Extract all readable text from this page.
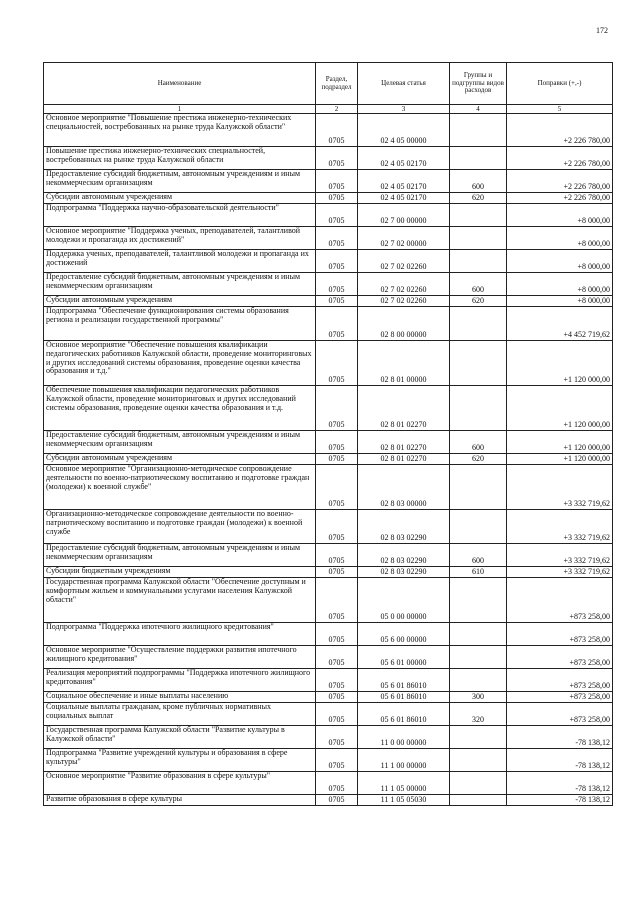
172
Наименование	Раздел, подраздел	Целевая статья	Группы и подгруппы видов расходов	Поправки (+,-)
1	2	3	4	5
Основное мероприятие "Повышение престижа инженерно-технических специальностей, востребованных на рынке труда Калужской области"	0705	02 4 05 00000		+2 226 780,00
Повышение престижа инженерно-технических специальностей, востребованных на рынке труда Калужской области	0705	02 4 05 02170		+2 226 780,00
Предоставление субсидий бюджетным, автономным учреждениям и иным некоммерческим организациям	0705	02 4 05 02170	600	+2 226 780,00
Субсидии автономным учреждениям	0705	02 4 05 02170	620	+2 226 780,00
Подпрограмма "Поддержка научно-образовательской деятельности"	0705	02 7 00 00000		+8 000,00
Основное мероприятие "Поддержка ученых, преподавателей, талантливой молодежи и пропаганда их достижений"	0705	02 7 02 00000		+8 000,00
Поддержка ученых, преподавателей, талантливой молодежи и пропаганда их достижений	0705	02 7 02 02260		+8 000,00
Предоставление субсидий бюджетным, автономным учреждениям и иным некоммерческим организациям	0705	02 7 02 02260	600	+8 000,00
Субсидии автономным учреждениям	0705	02 7 02 02260	620	+8 000,00
Подпрограмма "Обеспечение функционирования системы образования региона и реализации государственной программы"	0705	02 8 00 00000		+4 452 719,62
Основное мероприятие "Обеспечение повышения квалификации педагогических работников Калужской области, проведение мониторинговых и других исследований системы образования, проведение оценки качества образования и т.д."	0705	02 8 01 00000		+1 120 000,00
Обеспечение повышения квалификации педагогических работников Калужской области, проведение мониторинговых и других исследований системы образования, проведение оценки качества образования и т.д.	0705	02 8 01 02270		+1 120 000,00
Предоставление субсидий бюджетным, автономным учреждениям и иным некоммерческим организациям	0705	02 8 01 02270	600	+1 120 000,00
Субсидии автономным учреждениям	0705	02 8 01 02270	620	+1 120 000,00
Основное мероприятие "Организационно-методическое сопровождение деятельности по военно-патриотическому воспитанию и подготовке граждан (молодежи) к военной службе"	0705	02 8 03 00000		+3 332 719,62
Организационно-методическое сопровождение деятельности по военно-патриотическому воспитанию и подготовке граждан (молодежи) к военной службе	0705	02 8 03 02290		+3 332 719,62
Предоставление субсидий бюджетным, автономным учреждениям и иным некоммерческим организациям	0705	02 8 03 02290	600	+3 332 719,62
Субсидии бюджетным учреждениям	0705	02 8 03 02290	610	+3 332 719,62
Государственная программа Калужской области "Обеспечение доступным и комфортным жильем и коммунальными услугами населения Калужской области"	0705	05 0 00 00000		+873 258,00
Подпрограмма "Поддержка ипотечного жилищного кредитования"	0705	05 6 00 00000		+873 258,00
Основное мероприятие "Осуществление поддержки развития ипотечного жилищного кредитования"	0705	05 6 01 00000		+873 258,00
Реализация мероприятий подпрограммы "Поддержка ипотечного жилищного кредитования"	0705	05 6 01 86010		+873 258,00
Социальное обеспечение и иные выплаты населению	0705	05 6 01 86010	300	+873 258,00
Социальные выплаты гражданам, кроме публичных нормативных социальных выплат	0705	05 6 01 86010	320	+873 258,00
Государственная программа Калужской области "Развитие культуры в Калужской области"	0705	11 0 00 00000		-78 138,12
Подпрограмма "Развитие учреждений культуры и образования в сфере культуры"	0705	11 1 00 00000		-78 138,12
Основное мероприятие "Развитие образования в сфере культуры"	0705	11 1 05 00000		-78 138,12
Развитие образования в сфере культуры	0705	11 1 05 05030		-78 138,12
